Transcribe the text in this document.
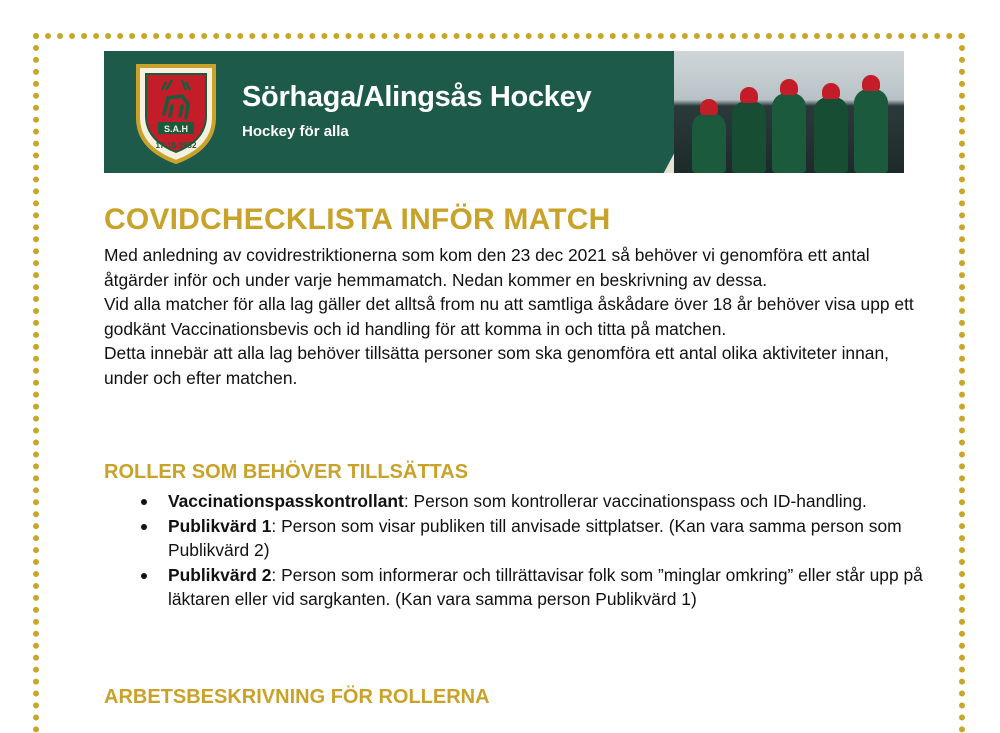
S.A.H
17-10-1932
Sörhaga/Alingsås Hockey
Hockey för alla
COVIDCHECKLISTA INFÖR MATCH

Med anledning av covidrestriktionerna som kom den 23 dec 2021 så behöver vi genomföra ett antal åtgärder inför och under varje hemmamatch. Nedan kommer en beskrivning av dessa.

Vid alla matcher för alla lag gäller det alltså from nu att samtliga åskådare över 18 år behöver visa upp ett godkänt Vaccinationsbevis och id handling för att komma in och titta på matchen.

Detta innebär att alla lag behöver tillsätta personer som ska genomföra ett antal olika aktiviteter innan, under och efter matchen.

ROLLER SOM BEHÖVER TILLSÄTTAS
Vaccinationspasskontrollant: Person som kontrollerar vaccinationspass och ID-handling.
Publikvärd 1: Person som visar publiken till anvisade sittplatser. (Kan vara samma person som Publikvärd 2)
Publikvärd 2: Person som informerar och tillrättavisar folk som ”minglar omkring” eller står upp på läktaren eller vid sargkanten. (Kan vara samma person Publikvärd 1)
ARBETSBESKRIVNING FÖR ROLLERNA
